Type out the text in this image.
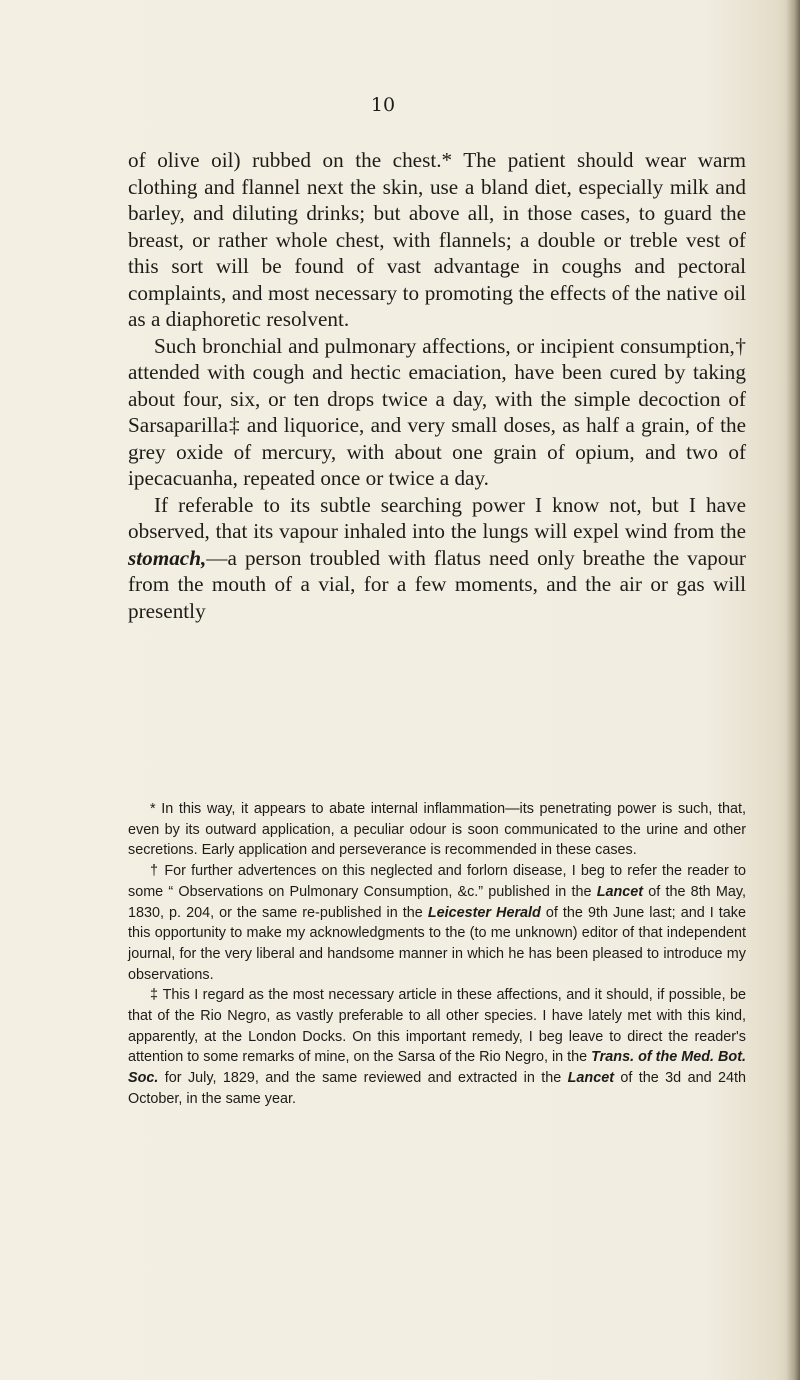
10

of olive oil) rubbed on the chest.* The patient should wear warm clothing and flannel next the skin, use a bland diet, especially milk and barley, and diluting drinks; but above all, in those cases, to guard the breast, or rather whole chest, with flannels; a double or treble vest of this sort will be found of vast advantage in coughs and pectoral complaints, and most necessary to promoting the effects of the native oil as a diaphoretic resolvent.

Such bronchial and pulmonary affections, or incipient consumption,† attended with cough and hectic emaciation, have been cured by taking about four, six, or ten drops twice a day, with the simple decoction of Sarsaparilla‡ and liquorice, and very small doses, as half a grain, of the grey oxide of mercury, with about one grain of opium, and two of ipecacuanha, repeated once or twice a day.

If referable to its subtle searching power I know not, but I have observed, that its vapour inhaled into the lungs will expel wind from the stomach,—a person troubled with flatus need only breathe the vapour from the mouth of a vial, for a few moments, and the air or gas will presently

* In this way, it appears to abate internal inflammation—its penetrating power is such, that, even by its outward application, a peculiar odour is soon communicated to the urine and other secretions. Early application and perseverance is recommended in these cases.

† For further advertences on this neglected and forlorn disease, I beg to refer the reader to some “ Observations on Pulmonary Consumption, &c.” published in the Lancet of the 8th May, 1830, p. 204, or the same re-published in the Leicester Herald of the 9th June last; and I take this opportunity to make my acknowledgments to the (to me unknown) editor of that independent journal, for the very liberal and handsome manner in which he has been pleased to introduce my observations.

‡ This I regard as the most necessary article in these affections, and it should, if possible, be that of the Rio Negro, as vastly preferable to all other species. I have lately met with this kind, apparently, at the London Docks. On this important remedy, I beg leave to direct the reader's attention to some remarks of mine, on the Sarsa of the Rio Negro, in the Trans. of the Med. Bot. Soc. for July, 1829, and the same reviewed and extracted in the Lancet of the 3d and 24th October, in the same year.
